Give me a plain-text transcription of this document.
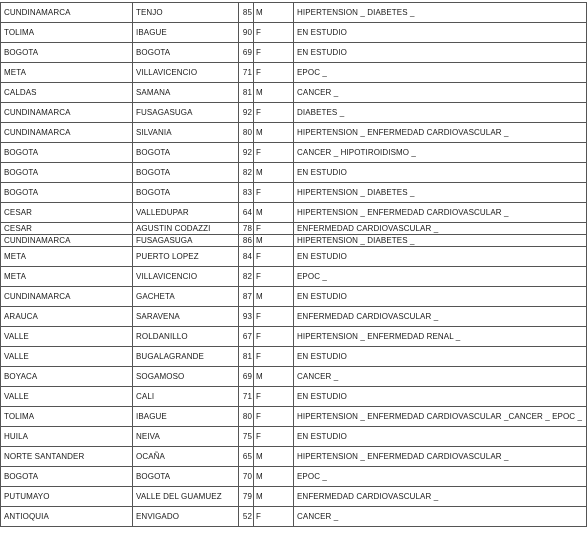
CUNDINAMARCA	TENJO	85	M	HIPERTENSION _ DIABETES _
TOLIMA	IBAGUE	90	F	EN ESTUDIO
BOGOTA	BOGOTA	69	F	EN ESTUDIO
META	VILLAVICENCIO	71	F	EPOC _
CALDAS	SAMANA	81	M	CANCER _
CUNDINAMARCA	FUSAGASUGA	92	F	DIABETES _
CUNDINAMARCA	SILVANIA	80	M	HIPERTENSION _ ENFERMEDAD CARDIOVASCULAR _
BOGOTA	BOGOTA	92	F	CANCER _ HIPOTIROIDISMO _
BOGOTA	BOGOTA	82	M	EN ESTUDIO
BOGOTA	BOGOTA	83	F	HIPERTENSION _ DIABETES _
CESAR	VALLEDUPAR	64	M	HIPERTENSION _ ENFERMEDAD CARDIOVASCULAR _
CESAR	AGUSTIN CODAZZI	78	F	ENFERMEDAD CARDIOVASCULAR _
CUNDINAMARCA	FUSAGASUGA	86	M	HIPERTENSION _ DIABETES _
META	PUERTO LOPEZ	84	F	EN ESTUDIO
META	VILLAVICENCIO	82	F	EPOC _
CUNDINAMARCA	GACHETA	87	M	EN ESTUDIO
ARAUCA	SARAVENA	93	F	ENFERMEDAD CARDIOVASCULAR _
VALLE	ROLDANILLO	67	F	HIPERTENSION _ ENFERMEDAD RENAL _
VALLE	BUGALAGRANDE	81	F	EN ESTUDIO
BOYACA	SOGAMOSO	69	M	CANCER _
VALLE	CALI	71	F	EN ESTUDIO
TOLIMA	IBAGUE	80	F	HIPERTENSION _ ENFERMEDAD CARDIOVASCULAR _CANCER _ EPOC _
HUILA	NEIVA	75	F	EN ESTUDIO
NORTE SANTANDER	OCAÑA	65	M	HIPERTENSION _ ENFERMEDAD CARDIOVASCULAR _
BOGOTA	BOGOTA	70	M	EPOC _
PUTUMAYO	VALLE DEL GUAMUEZ	79	M	ENFERMEDAD CARDIOVASCULAR _
ANTIOQUIA	ENVIGADO	52	F	CANCER _
